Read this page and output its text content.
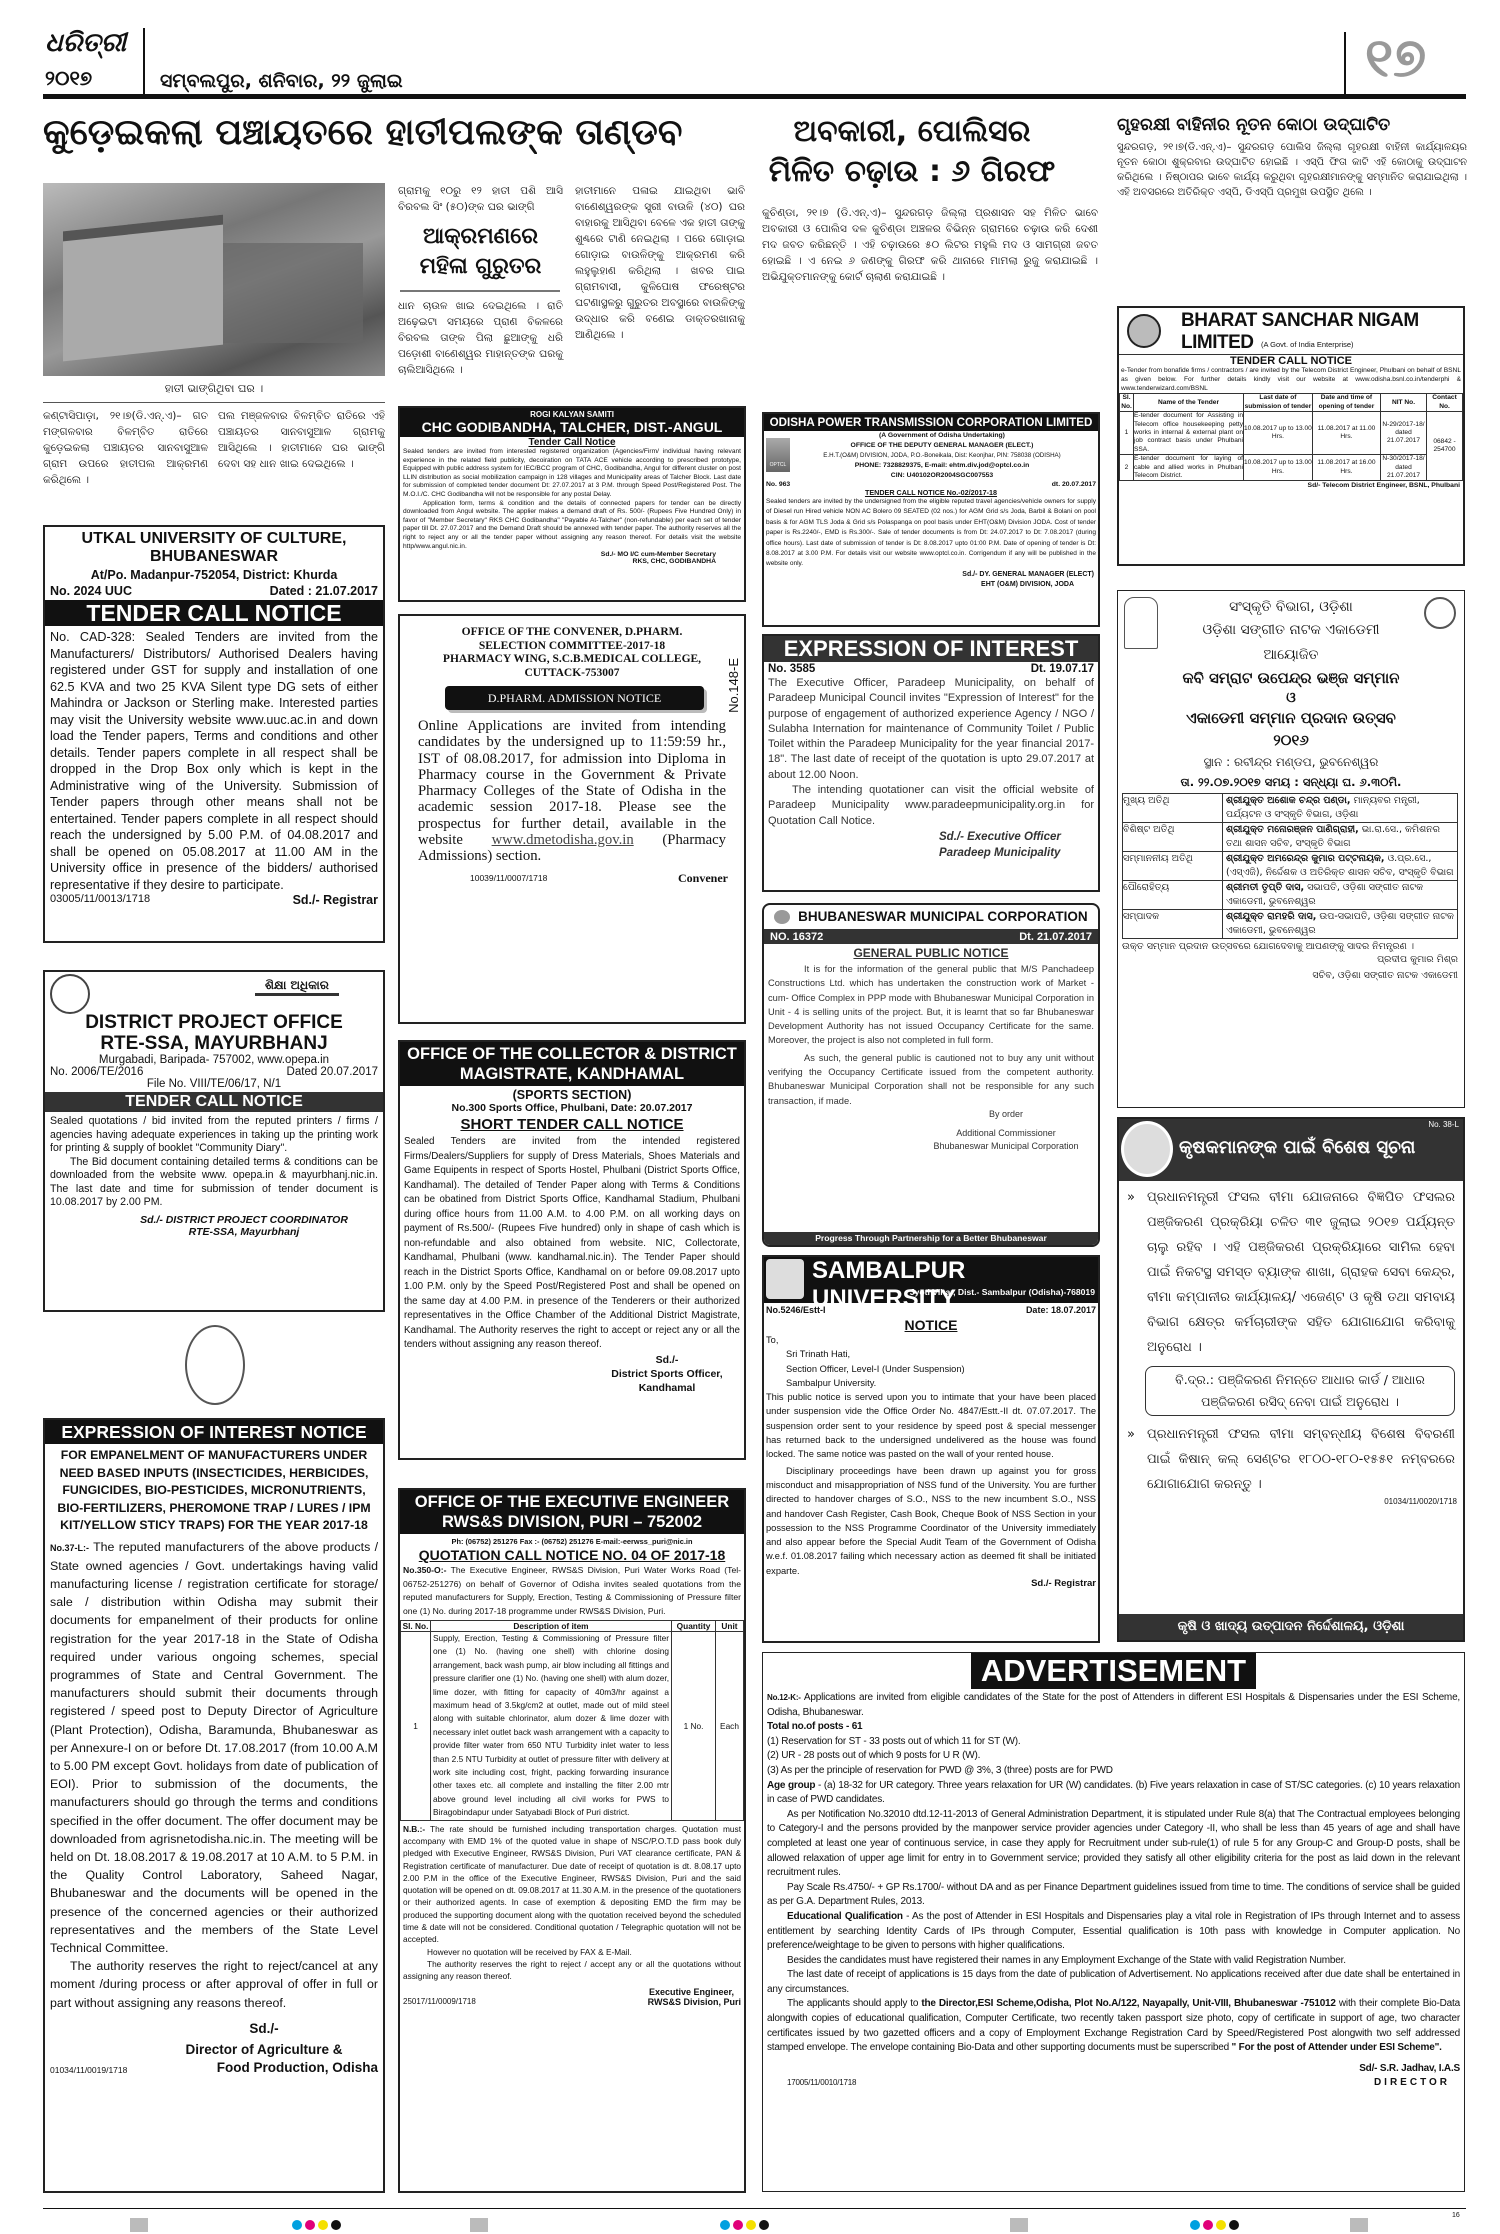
ଧରିତ୍ରୀ
୨୦୧୭	ସମ୍ବଲପୁର, ଶନିବାର, ୨୨ ଜୁଲାଇ	୧୭
କୁଡ଼େଇକଲା ପଞ୍ଚାୟତରେ ହାତୀପଲଙ୍କ ତାଣ୍ଡବ
ହାତୀ ଭାଙ୍ଗିଥିବା ଘର ।
କଣ୍ଟାସିପାଡ଼ା, ୨୧।୭(ଡି.ଏନ୍.ଏ)– ଗତ ମଙ୍ଗଳବାର ବିଳମ୍ବିତ ରାତିରେ କୁଡ଼େଇକଲା ପଞ୍ଚାୟତର ସାନବାସୁଆଳ ଗ୍ରାମ ଉପରେ ହାତୀପଲ ଆକ୍ରମଣ କରିଥିଲେ ।
ପଲ ମଞ୍ଜଳବାର ବିଳମ୍ବିତ ରାତିରେ ଏହି ପଞ୍ଚାୟତର ସାନବାସୁଆଳ ଗ୍ରାମକୁ ଆସିଥିଲେ । ହାତୀମାନେ ଘର ଭାଙ୍ଗି ଦେବା ସହ ଧାନ ଖାଇ ଦେଇଥିଲେ ।
ଗ୍ରାମକୁ ୧୦ରୁ ୧୨ ହାତୀ ପଶି ଆସି ବିରବଲ ସିଂ (୫୦)ଙ୍କ ଘର ଭାଙ୍ଗି
ଆକ୍ରମଣରେ ମହିଳା ଗୁରୁତର
ଧାନ ଚାଉଳ ଖାଇ ଦେଇଥିଲେ । ରାତି ଅଢ଼େଇଟା ସମୟରେ ପ୍ରାଣ ବିକଳରେ ବିରବଲ ତାଙ୍କ ପିଲା ଛୁଆଙ୍କୁ ଧରି ପଡ଼ୋଶୀ ବାଣେଶ୍ୱର ମାହାନ୍ତଙ୍କ ଘରକୁ ଚାଲିଆସିଥିଲେ ।
ହାତୀମାନେ ପଳାଇ ଯାଇଥିବା ଭାବି ବାଣେଶ୍ୱରଙ୍କ ସ୍ତ୍ରୀ ବାଉଳି (୪୦) ଘର ବାହାରକୁ ଆସିଥିବା ବେଳେ ଏକ ହାତୀ ତାଙ୍କୁ ଶୁଣ୍ଢରେ ଟାଣି ନେଇଥିଲା । ପରେ ଗୋଡ଼ାଇ ଗୋଡ଼ାଇ ବାଉଳିଙ୍କୁ ଆକ୍ରମଣ କରି ଲହୁଲୁହାଣ କରିଥିଲା । ଖବର ପାଇ ଗ୍ରାମବାସୀ, କୁଳିପୋଷ ଫରେଷ୍ଟର ଘଟଣାସ୍ଥଳରୁ ଗୁରୁତର ଅବସ୍ଥାରେ ବାଉଳିଙ୍କୁ ଉଦ୍ଧାର କରି ବଣେଇ ଡାକ୍ତରଖାନାକୁ ଆଣିଥିଲେ ।
ଅବକାରୀ, ପୋଲିସର ମିଳିତ ଚଢ଼ାଉ : ୬ ଗିରଫ
କୁଚିଣ୍ଡା, ୨୧।୭ (ଡି.ଏନ୍.ଏ)– ସୁନ୍ଦରଗଡ଼ ଜିଲ୍ଲା ପ୍ରଶାସନ ସହ ମିଳିତ ଭାବେ ଅବକାରୀ ଓ ପୋଲିସ ଦଳ କୁଚିଣ୍ଡା ଅଞ୍ଚଳର ବିଭିନ୍ନ ଗ୍ରାମରେ ଚଢ଼ାଉ କରି ଦେଶୀ ମଦ ଜବତ କରିଛନ୍ତି । ଏହି ଚଢ଼ାଉରେ ୫୦ ଲିଟର ମହୁଲି ମଦ ଓ ସାମଗ୍ରୀ ଜବତ ହୋଇଛି । ଏ ନେଇ ୬ ଜଣଙ୍କୁ ଗିରଫ କରି ଥାନାରେ ମାମଲା ରୁଜୁ କରାଯାଇଛି । ଅଭିଯୁକ୍ତମାନଙ୍କୁ କୋର୍ଟ ଚାଲାଣ କରାଯାଇଛି ।
ଗୃହରକ୍ଷୀ ବାହିନୀର ନୂତନ କୋଠା ଉଦ୍‌ଘାଟିତ
ସୁନ୍ଦରଗଡ଼, ୨୧।୭(ଡି.ଏନ୍.ଏ)– ସୁନ୍ଦରଗଡ଼ ପୋଲିସ ଜିଲ୍ଲା ଗୃହରକ୍ଷୀ ବାହିନୀ କାର୍ଯ୍ୟାଳୟର ନୂତନ କୋଠା ଶୁକ୍ରବାର ଉଦ୍‌ଘାଟିତ ହୋଇଛି । ଏସ୍‌ପି ଫିତା କାଟି ଏହି କୋଠାକୁ ଉଦ୍‌ଘାଟନ କରିଥିଲେ । ନିଷ୍ଠାପର ଭାବେ କାର୍ଯ୍ୟ କରୁଥିବା ଗୃହରକ୍ଷୀମାନଙ୍କୁ ସମ୍ମାନିତ କରାଯାଇଥିଲା । ଏହି ଅବସରରେ ଅତିରିକ୍ତ ଏସ୍‌ପି, ଡିଏସ୍‌ପି ପ୍ରମୁଖ ଉପସ୍ଥିତ ଥିଲେ ।
UTKAL UNIVERSITY OF CULTURE,
BHUBANESWAR
At/Po. Madanpur-752054, District: Khurda
No. 2024 UUC	Dated : 21.07.2017
TENDER CALL NOTICE
No. CAD-328: Sealed Tenders are invited from the Manufacturers/ Distributors/ Authorised Dealers having registered under GST for supply and installation of one 62.5 KVA and two 25 KVA Silent type DG sets of either Mahindra or Jackson or Sterling make. Interested parties may visit the University website www.uuc.ac.in and down load the Tender papers, Terms and conditions and other details. Tender papers complete in all respect shall be dropped in the Drop Box only which is kept in the Administrative wing of the University. Submission of Tender papers through other means shall not be entertained. Tender papers complete in all respect should reach the undersigned by 5.00 P.M. of 04.08.2017 and shall be opened on 05.08.2017 at 11.00 AM in the University office in presence of the bidders/ authorised representative if they desire to participate.
03005/11/0013/1718	Sd./- Registrar
ଶିକ୍ଷା ଅଧିକାର
DISTRICT PROJECT OFFICE
RTE-SSA, MAYURBHANJ
Murgabadi, Baripada- 757002, www.opepa.in
No. 2006/TE/2016	Dated 20.07.2017
File No. VIII/TE/06/17, N/1
TENDER CALL NOTICE
Sealed quotations / bid invited from the reputed printers / firms / agencies having adequate experiences in taking up the printing work for printing & supply of booklet "Community Diary".
The Bid document containing detailed terms & conditions can be downloaded from the website www. opepa.in & mayurbhanj.nic.in. The last date and time for submission of tender document is 10.08.2017 by 2.00 PM.
Sd./- DISTRICT PROJECT COORDINATOR
RTE-SSA, Mayurbhanj
EXPRESSION OF INTEREST NOTICE
FOR EMPANELMENT OF MANUFACTURERS UNDER NEED BASED INPUTS (INSECTICIDES, HERBICIDES, FUNGICIDES, BIO-PESTICIDES, MICRONUTRIENTS, BIO-FERTILIZERS, PHEROMONE TRAP / LURES / IPM KIT/YELLOW STICY TRAPS) FOR THE YEAR 2017-18
No.37-L:- The reputed manufacturers of the above products / State owned agencies / Govt. undertakings having valid manufacturing license / registration certificate for storage/ sale / distribution within Odisha may submit their documents for empanelment of their products for online registration for the year 2017-18 in the State of Odisha required under various ongoing schemes, special programmes of State and Central Government. The manufacturers should submit their documents through registered / speed post to Deputy Director of Agriculture (Plant Protection), Odisha, Baramunda, Bhubaneswar as per Annexure-I on or before Dt. 17.08.2017 (from 10.00 A.M to 5.00 PM except Govt. holidays from date of publication of EOI). Prior to submission of the documents, the manufacturers should go through the terms and conditions specified in the offer document. The offer document may be downloaded from agrisnetodisha.nic.in. The meeting will be held on Dt. 18.08.2017 & 19.08.2017 at 10 A.M. to 5 P.M. in the Quality Control Laboratory, Saheed Nagar, Bhubaneswar and the documents will be opened in the presence of the concerned agencies or their authorized representatives and the members of the State Level Technical Committee.
The authority reserves the right to reject/cancel at any moment /during process or after approval of offer in full or part without assigning any reasons thereof.
Sd./-
Director of Agriculture &
01034/11/0019/1718	Food Production, Odisha
ROGI KALYAN SAMITI
CHC GODIBANDHA, TALCHER, DIST.-ANGUL
Tender Call Notice
Sealed tenders are invited from interested registered organization (Agencies/Firm/ individual having relevant experience in the related field publicity, decoiration on TATA ACE vehicle according to prescribed prototype, Equipped with public address system for IEC/BCC program of CHC, Godibandha, Angul for different cluster on post LLIN distribution as social mobilization campaign in 128 villages and Municipality areas of Talcher Block. Last date for submission of completed tender document Dt: 27.07.2017 at 3 P.M. through Speed Post/Registered Post. The M.O.I./C. CHC Godibandha will not be responsible for any postal Delay.
Application form, terms & condition and the details of connected papers for tender can be directly downloaded from Angul website. The applier makes a demand draft of Rs. 500/- (Rupees Five Hundred Only) in favor of "Member Secretary" RKS CHC Godibandha" "Payable At-Talcher" (non-refundable) per each set of tender paper till Dt. 27.07.2017 and the Demand Draft should be annexed with tender paper. The authority reserves all the right to reject any or all the tender paper without assigning any reason thereof. For details visit the website http/www.angul.nic.in.
Sd./- MO I/C cum-Member Secretary
RKS, CHC, GODIBANDHA
OFFICE OF THE CONVENER, D.PHARM.
SELECTION COMMITTEE-2017-18
PHARMACY WING, S.C.B.MEDICAL COLLEGE,
CUTTACK-753007
D.PHARM. ADMISSION NOTICE	No.148-E
Online Applications are invited from intending candidates by the undersigned up to 11:59:59 hr., IST of 08.08.2017, for admission into Diploma in Pharmacy course in the Government & Private Pharmacy Colleges of the State of Odisha in the academic session 2017-18. Please see the prospectus for further detail, available in the website www.dmetodisha.gov.in (Pharmacy Admissions) section.
10039/11/0007/1718	Convener
OFFICE OF THE COLLECTOR & DISTRICT
MAGISTRATE, KANDHAMAL
(SPORTS SECTION)
No.300 Sports Office, Phulbani, Date: 20.07.2017
SHORT TENDER CALL NOTICE
Sealed Tenders are invited from the intended registered Firms/Dealers/Suppliers for supply of Dress Materials, Shoes Materials and Game Equipents in respect of Sports Hostel, Phulbani (District Sports Office, Kandhamal). The detailed of Tender Paper along with Terms & Conditions can be obatined from District Sports Office, Kandhamal Stadium, Phulbani during office hours from 11.00 A.M. to 4.00 P.M. on all working days on payment of Rs.500/- (Rupees Five hundred) only in shape of cash which is non-refundable and also obtained from website. NIC, Collectorate, Kandhamal, Phulbani (www. kandhamal.nic.in). The Tender Paper should reach in the District Sports Office, Kandhamal on or before 09.08.2017 upto 1.00 P.M. only by the Speed Post/Registered Post and shall be opened on the same day at 4.00 P.M. in presence of the Tenderers or their authorized representatives in the Office Chamber of the Additional District Magistrate, Kandhamal. The Authority reserves the right to accept or reject any or all the tenders without assigning any reason thereof.
Sd./-
District Sports Officer,
Kandhamal
OFFICE OF THE EXECUTIVE ENGINEER
RWS&S DIVISION, PURI – 752002
Ph: (06752) 251276 Fax :- (06752) 251276 E-mail:-eerwss_puri@nic.in
QUOTATION CALL NOTICE NO. 04 OF 2017-18
No.350-O:- The Executive Engineer, RWS&S Division, Puri Water Works Road (Tel- 06752-251276) on behalf of Governor of Odisha invites sealed quotations from the reputed manufacturers for Supply, Erection, Testing & Commissioning of Pressure filter one (1) No. during 2017-18 programme under RWS&S Division, Puri.
Sl. No.	Description of item	Quantity	Unit
1	Supply, Erection, Testing & Commissioning of Pressure filter one (1) No. (having one shell) with chlorine dosing arrangement, back wash pump, air blow including all fittings and pressure clarifier one (1) No. (having one shell) with alum dozer, lime dozer, with fitting for capacity of 40m3/hr against a maximum head of 3.5kg/cm2 at outlet, made out of mild steel along with suitable chlorinator, alum dozer & lime dozer with necessary inlet outlet back wash arrangement with a capacity to provide filter water from 650 NTU Turbidity inlet water to less than 2.5 NTU Turbidity at outlet of pressure filter with delivery at work site including cost, fright, packing forwarding insurance other taxes etc. all complete and installing the filter 2.00 mtr above ground level including all civil works for PWS to Biragobindapur under Satyabadi Block of Puri district.	1 No.	Each
N.B.:- The rate should be furnished including transportation charges. Quotation must accompany with EMD 1% of the quoted value in shape of NSC/P.O.T.D pass book duly pledged with Executive Engineer, RWS&S Division, Puri VAT clearance certificate, PAN & Registration certificate of manufacturer. Due date of receipt of quotation is dt. 8.08.17 upto 2.00 P.M in the office of the Executive Engineer, RWS&S Division, Puri and the said quotation will be opened on dt. 09.08.2017 at 11.30 A.M. in the presence of the quotationers or their authorized agents. In case of exemption & depositing EMD the firm may be produced the supporting document along with the quotation received beyond the scheduled time & date will not be considered. Conditional quotation / Telegraphic quotation will not be accepted.
However no quotation will be received by FAX & E-Mail.
The authority reserves the right to reject / accept any or all the quotations without assigning any reason thereof.
Executive Engineer,
25017/11/0009/1718	RWS&S Division, Puri
ODISHA POWER TRANSMISSION CORPORATION LIMITED
OPTCL
(A Government of Odisha Undertaking)
OFFICE OF THE DEPUTY GENERAL MANAGER (ELECT.)
E.H.T.(O&M) DIVISION, JODA, P.O.-Boneikala, Dist: Keonjhar, PIN: 758038 (ODISHA)
PHONE: 7328829375, E-mail: ehtm.div.jod@optcl.co.in
CIN: U40102OR2004SGC007553
No. 963	dt. 20.07.2017
TENDER CALL NOTICE No.-02/2017-18
Sealed tenders are invited by the undersigned from the eligible reputed travel agencies/vehicle owners for supply of Diesel run Hired vehicle NON AC Bolero 09 SEATED (02 nos.) for AGM Grid s/s Joda, Barbil & Bolani on pool basis & for AGM TLS Joda & Grid s/s Polaspanga on pool basis under EHT(O&M) Division JODA. Cost of tender paper is Rs.2240/-, EMD is Rs.300/-. Sale of tender documents is from Dt: 24.07.2017 to Dt: 7.08.2017 (during office hours). Last date of submission of tender is Dt: 8.08.2017 upto 01:00 P.M. Date of opening of tender is Dt: 8.08.2017 at 3.00 P.M. For details visit our website www.optcl.co.in. Corrigendum if any will be published in the website only.
Sd./- DY. GENERAL MANAGER (ELECT)
EHT (O&M) DIVISION, JODA
EXPRESSION OF INTEREST
No. 3585	Dt. 19.07.17
The Executive Officer, Paradeep Municipality, on behalf of Paradeep Municipal Council invites "Expression of Interest" for the purpose of engagement of authorized experience Agency / NGO / Sulabha Internation for maintenance of Community Toilet / Public Toilet within the Paradeep Municipality for the year financial 2017-18". The last date of receipt of the quotation is upto 29.07.2017 at about 12.00 Noon.
The intending quotationer can visit the official website of Paradeep Municipality www.paradeepmunicipality.org.in for Quotation Call Notice.
Sd./- Executive Officer
Paradeep Municipality
BHUBANESWAR MUNICIPAL CORPORATION
NO. 16372	Dt. 21.07.2017
GENERAL PUBLIC NOTICE
It is for the information of the general public that M/S Panchadeep Constructions Ltd. which has undertaken the construction work of Market -cum- Office Complex in PPP mode with Bhubaneswar Municipal Corporation in Unit - 4 is selling units of the project. But, it is learnt that so far Bhubaneswar Development Authority has not issued Occupancy Certificate for the same. Moreover, the project is also not completed in full form.
As such, the general public is cautioned not to buy any unit without verifying the Occupancy Certificate issued from the competent authority. Bhubaneswar Municipal Corporation shall not be responsible for any such transaction, if made.
By order
Additional Commissioner
Bhubaneswar Municipal Corporation
Progress Through Partnership for a Better Bhubaneswar
SAMBALPUR UNIVERSITY
Jyoti Vihar, Dist.- Sambalpur (Odisha)-768019
No.5246/Estt-I	Date: 18.07.2017
NOTICE
To,
Sri Trinath Hati,
Section Officer, Level-I (Under Suspension)
Sambalpur University.
This public notice is served upon you to intimate that your have been placed under suspension vide the Office Order No. 4847/Estt.-II dt. 07.07.2017. The suspension order sent to your residence by speed post & special messenger has returned back to the undersigned undelivered as the house was found locked. The same notice was pasted on the wall of your rented house.
Disciplinary proceedings have been drawn up against you for gross misconduct and misappropriation of NSS fund of the University. You are further directed to handover charges of S.O., NSS to the new incumbent S.O., NSS and handover Cash Register, Cash Book, Cheque Book of NSS Section in your possession to the NSS Programme Coordinator of the University immediately and also appear before the Special Audit Team of the Government of Odisha w.e.f. 01.08.2017 failing which necessary action as deemed fit shall be initiated exparte.
Sd./- Registrar
BHARAT SANCHAR NIGAM LIMITED	(A Govt. of India Enterprise)
TENDER CALL NOTICE
e-Tender from bonafide firms / contractors / are invited by the Telecom District Engineer, Phulbani on behalf of BSNL as given below. For further details kindly visit our website at www.odisha.bsnl.co.in/tenderphi & www.tenderwizard.com/BSNL
Sl. No.	Name of the Tender	Last date of submission of tender	Date and time of opening of tender	NIT No.	Contact No.
1	E-tender document for Assisting in Telecom office housekeeping petty works in internal & external plant on job contract basis under Phulbani SSA.	10.08.2017 up to 13.00 Hrs.	11.08.2017 at 11.00 Hrs.	N-29/2017-18/ dated 21.07.2017	06842 - 254700
2	E-tender document for laying of cable and allied works in Phulbani Telecom District.	10.08.2017 up to 13.00 Hrs.	11.08.2017 at 16.00 Hrs.	N-30/2017-18/ dated 21.07.2017	
Sd/- Telecom District Engineer, BSNL, Phulbani
ସଂସ୍କୃତି ବିଭାଗ, ଓଡ଼ିଶା
ଓଡ଼ିଶା ସଙ୍ଗୀତ ନାଟକ ଏକାଡେମୀ
ଆୟୋଜିତ
କବି ସମ୍ରାଟ ଉପେନ୍ଦ୍ର ଭଞ୍ଜ ସମ୍ମାନ
ଓ
ଏକାଡେମୀ ସମ୍ମାନ ପ୍ରଦାନ ଉତ୍ସବ
୨୦୧୬
ସ୍ଥାନ : ରବୀନ୍ଦ୍ର ମଣ୍ଡପ, ଭୁବନେଶ୍ୱର
ତା. ୨୨.୦୭.୨୦୧୭ ସମୟ : ସନ୍ଧ୍ୟା ଘ. ୬.୩୦ମି.
ମୁଖ୍ୟ ଅତିଥି	ଶ୍ରୀଯୁକ୍ତ ଅଶୋକ ଚନ୍ଦ୍ର ପଣ୍ଡା, ମାନ୍ୟବର ମନ୍ତ୍ରୀ, ପର୍ଯ୍ୟଟନ ଓ ସଂସ୍କୃତି ବିଭାଗ, ଓଡ଼ିଶା
ବିଶିଷ୍ଟ ଅତିଥି	ଶ୍ରୀଯୁକ୍ତ ମନୋରଞ୍ଜନ ପାଣିଗ୍ରାହୀ, ଭା.ରା.ସେ., କମିଶନର ତଥା ଶାସନ ସଚିବ, ସଂସ୍କୃତି ବିଭାଗ
ସମ୍ମାନନୀୟ ଅତିଥି	ଶ୍ରୀଯୁକ୍ତ ଅମରେନ୍ଦ୍ର କୁମାର ପଟ୍ଟନାୟକ, ଓ.ପ୍ର.ସେ., (ଏସ୍‌ଏଜି), ନିର୍ଦ୍ଦେଶକ ଓ ଅତିରିକ୍ତ ଶାସନ ସଚିବ, ସଂସ୍କୃତି ବିଭାଗ
ପୌରୋହିତ୍ୟ	ଶ୍ରୀମତୀ ତୃପ୍ତି ଦାସ, ସଭାପତି, ଓଡ଼ିଶା ସଙ୍ଗୀତ ନାଟକ ଏକାଡେମୀ, ଭୁବନେଶ୍ୱର
ସମ୍ପାଦକ	ଶ୍ରୀଯୁକ୍ତ ରାମହରି ଦାସ, ଉପ-ସଭାପତି, ଓଡ଼ିଶା ସଙ୍ଗୀତ ନାଟକ ଏକାଡେମୀ, ଭୁବନେଶ୍ୱର
ଉକ୍ତ ସମ୍ମାନ ପ୍ରଦାନ ଉତ୍ସବରେ ଯୋଗଦେବାକୁ ଆପଣଙ୍କୁ ସାଦର ନିମନ୍ତ୍ରଣ ।
ପ୍ରଦୀପ କୁମାର ମିଶ୍ର
ସଚିବ, ଓଡ଼ିଶା ସଙ୍ଗୀତ ନାଟକ ଏକାଡେମୀ
No. 38-L
କୃଷକମାନଙ୍କ ପାଇଁ ବିଶେଷ ସୂଚନା
» ପ୍ରଧାନମନ୍ତ୍ରୀ ଫସଲ ବୀମା ଯୋଜନାରେ ବିଜ୍ଞପିତ ଫସଲର ପଞ୍ଜିକରଣ ପ୍ରକ୍ରିୟା ଚଳିତ ୩୧ ଜୁଲାଇ ୨୦୧୭ ପର୍ଯ୍ୟନ୍ତ ଚାଲୁ ରହିବ । ଏହି ପଞ୍ଜିକରଣ ପ୍ରକ୍ରିୟାରେ ସାମିଲ ହେବା ପାଇଁ ନିକଟସ୍ଥ ସମସ୍ତ ବ୍ୟାଙ୍କ ଶାଖା, ଗ୍ରାହକ ସେବା କେନ୍ଦ୍ର, ବୀମା କମ୍ପାନୀର କାର୍ଯ୍ୟାଳୟ/ ଏଜେଣ୍ଟ ଓ କୃଷି ତଥା ସମବାୟ ବିଭାଗ କ୍ଷେତ୍ର କର୍ମଚାରୀଙ୍କ ସହିତ ଯୋଗାଯୋଗ କରିବାକୁ ଅନୁରୋଧ ।
ବି.ଦ୍ର.: ପଞ୍ଜିକରଣ ନିମନ୍ତେ ଆଧାର କାର୍ଡ / ଆଧାର ପଞ୍ଜିକରଣ ରସିଦ୍ ନେବା ପାଇଁ ଅନୁରୋଧ ।
» ପ୍ରଧାନମନ୍ତ୍ରୀ ଫସଲ ବୀମା ସମ୍ବନ୍ଧୀୟ ବିଶେଷ ବିବରଣୀ ପାଇଁ କିଷାନ୍ କଲ୍ ସେଣ୍ଟର ୧୮୦୦-୧୮୦-୧୫୫୧ ନମ୍ବରରେ ଯୋଗାଯୋଗ କରନ୍ତୁ ।
01034/11/0020/1718
କୃଷି ଓ ଖାଦ୍ୟ ଉତ୍ପାଦନ ନିର୍ଦ୍ଦେଶାଳୟ, ଓଡ଼ିଶା
ADVERTISEMENT
No.12-K:- Applications are invited from eligible candidates of the State for the post of Attenders in different ESI Hospitals & Dispensaries under the ESI Scheme, Odisha, Bhubaneswar.
Total no.of posts - 61
(1) Reservation for ST - 33 posts out of which 11 for ST (W).
(2) UR - 28 posts out of which 9 posts for U R (W).
(3) As per the principle of reservation for PWD @ 3%, 3 (three) posts are for PWD
Age group - (a) 18-32 for UR category. Three years relaxation for UR (W) candidates. (b) Five years relaxation in case of ST/SC categories. (c) 10 years relaxation in case of PWD candidates.
As per Notification No.32010 dtd.12-11-2013 of General Administration Department, it is stipulated under Rule 8(a) that The Contractual employees belonging to Category-I and the persons provided by the manpower service provider agencies under Category -II, who shall be less than 45 years of age and shall have completed at least one year of continuous service, in case they apply for Recruitment under sub-rule(1) of rule 5 for any Group-C and Group-D posts, shall be allowed relaxation of upper age limit for entry in to Government service; provided they satisfy all other eligibility criteria for the post as laid down in the relevant recruitment rules.
Pay Scale Rs.4750/- + GP Rs.1700/- without DA and as per Finance Department guidelines issued from time to time. The conditions of service shall be guided as per G.A. Department Rules, 2013.
Educational Qualification - As the post of Attender in ESI Hospitals and Dispensaries play a vital role in Registration of IPs through Internet and to assess entitlement by searching Identity Cards of IPs through Computer, Essential qualification is 10th pass with knowledge in Computer application. No preference/weightage to be given to persons with higher qualifications.
Besides the candidates must have registered their names in any Employment Exchange of the State with valid Registration Number.
The last date of receipt of applications is 15 days from the date of publication of Advertisement. No applications received after due date shall be entertained in any circumstances.
The applicants should apply to the Director,ESI Scheme,Odisha, Plot No.A/122, Nayapally, Unit-VIII, Bhubaneswar -751012 with their complete Bio-Data alongwith copies of educational qualification, Computer Certificate, two recently taken passport size photo, copy of certificate in support of age, two character certificates issued by two gazetted officers and a copy of Employment Exchange Registration Card by Speed/Registered Post alongwith two self addressed stamped envelope. The envelope containing Bio-Data and other supporting documents must be superscribed " For the post of Attender under ESI Scheme".
Sd/- S.R. Jadhav, I.A.S
17005/11/0010/1718	DIRECTOR
16
